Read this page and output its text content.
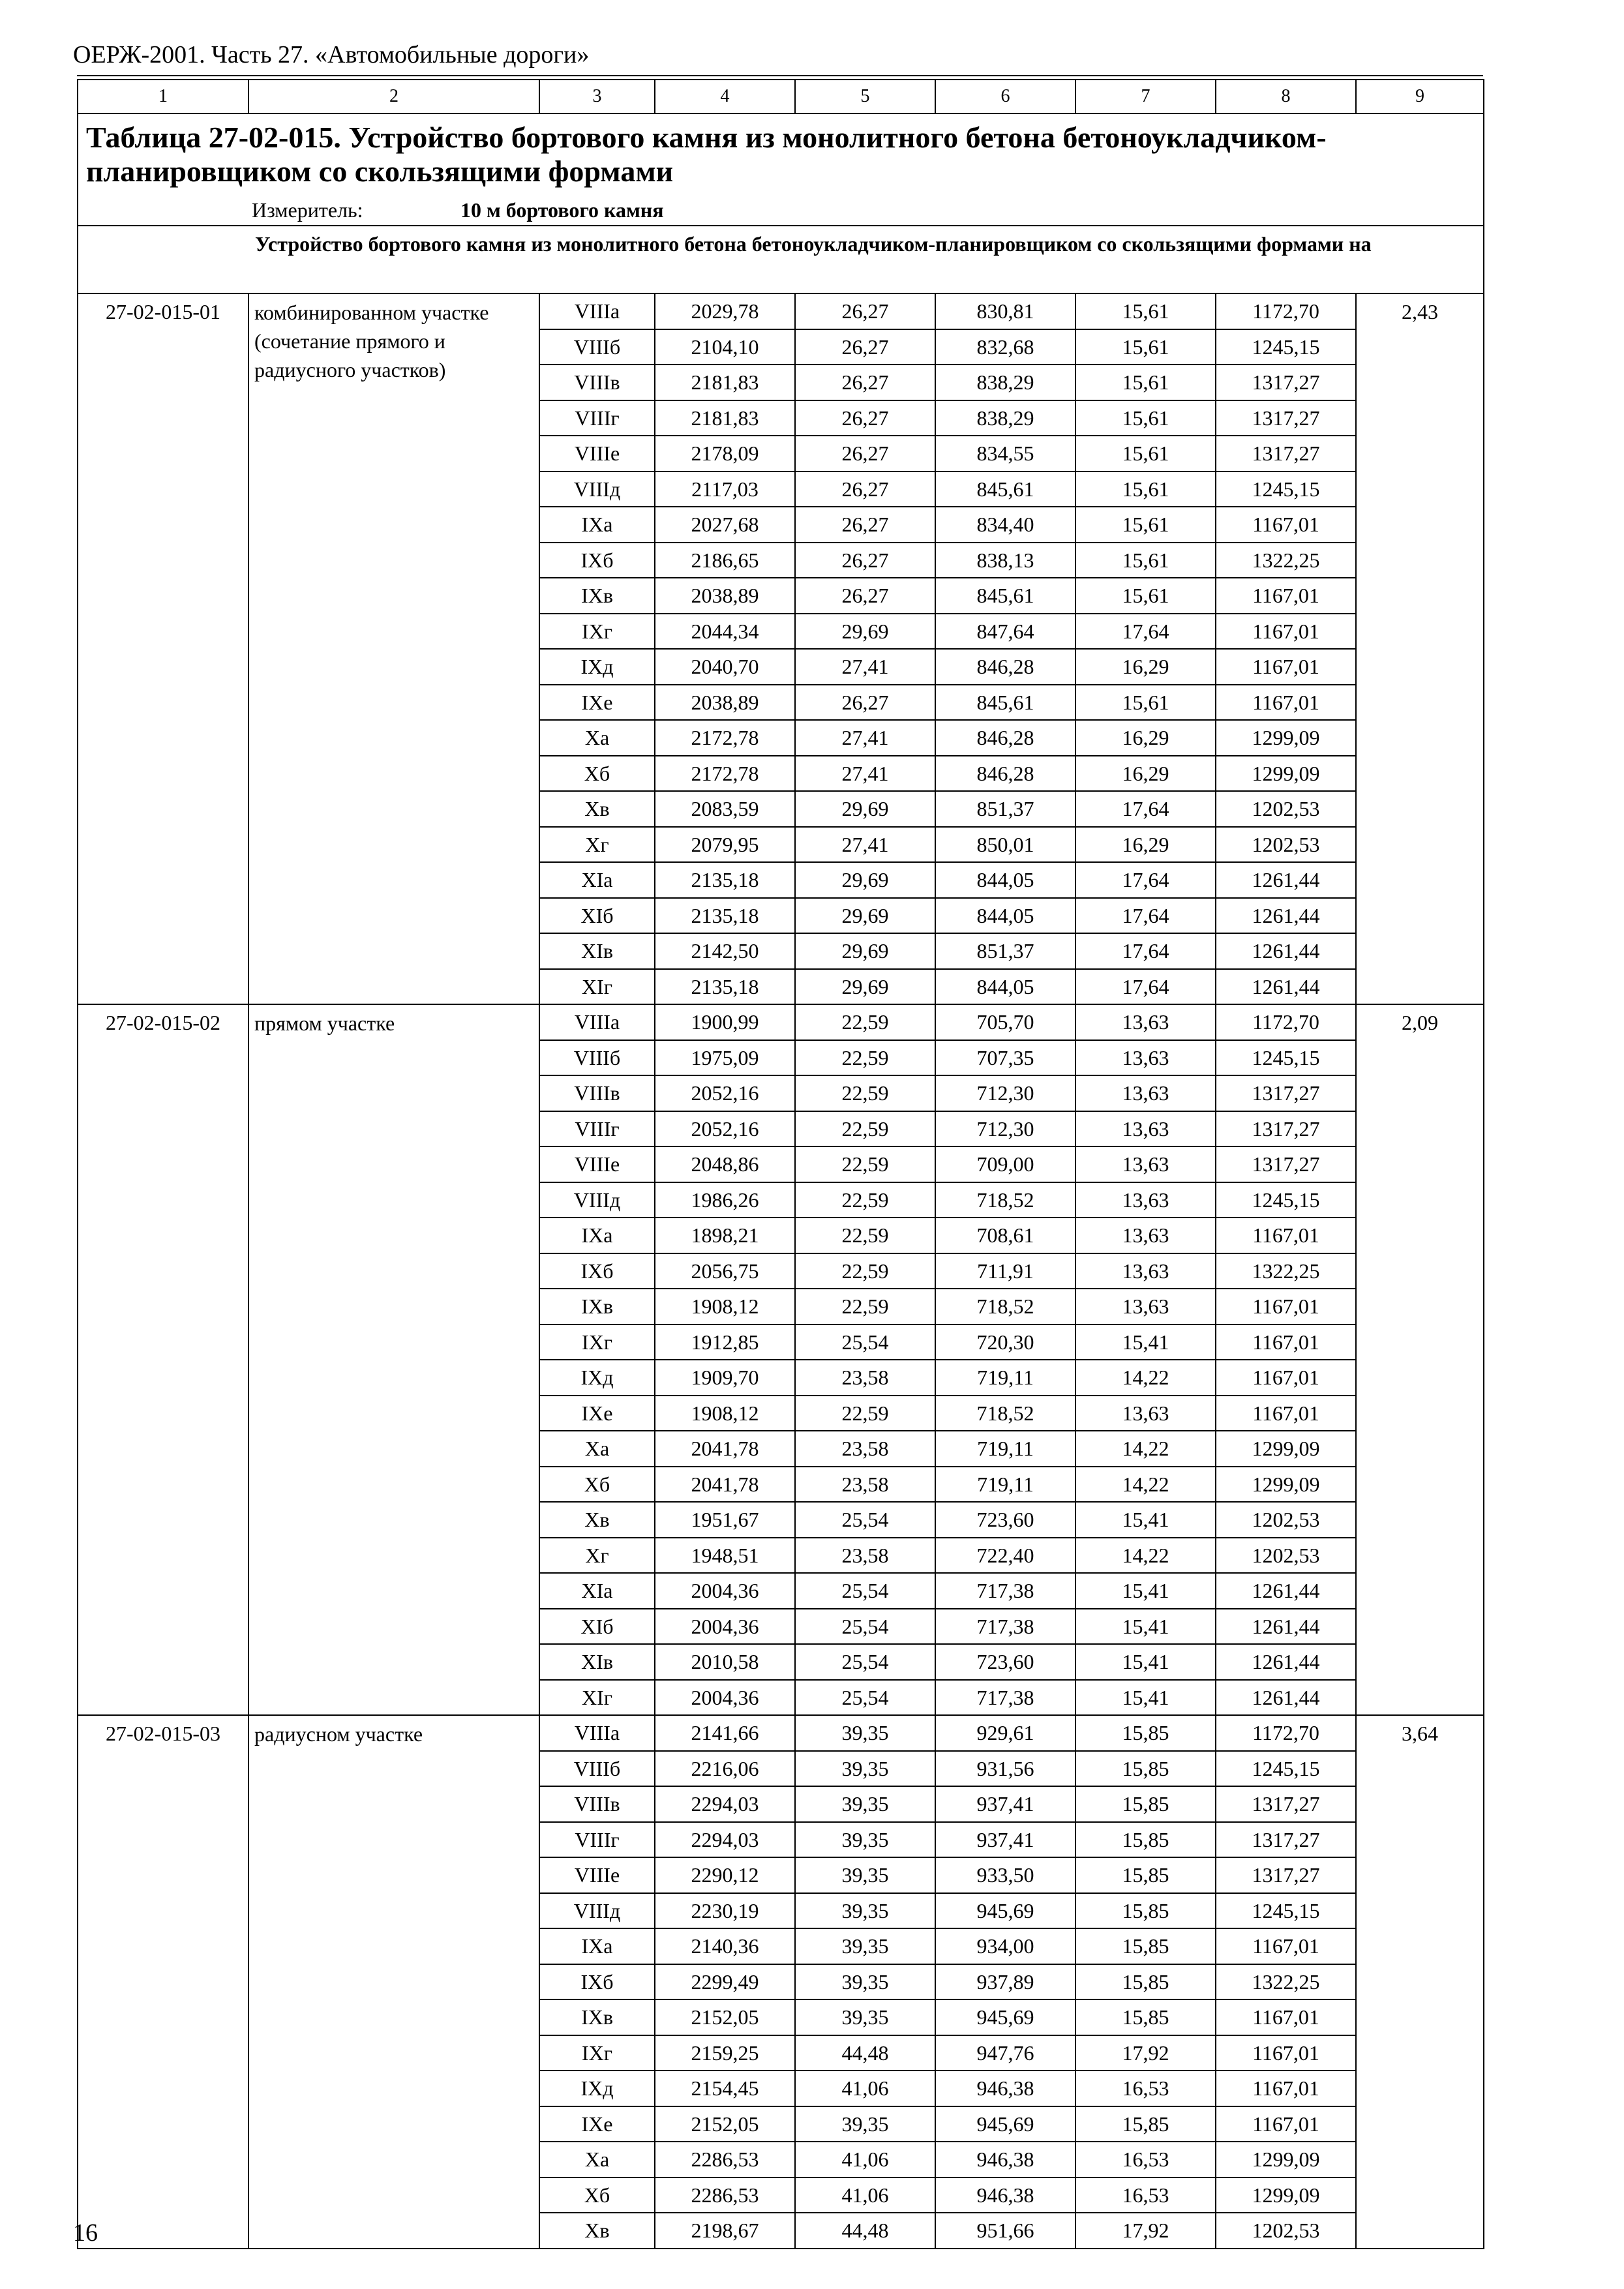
ОЕРЖ-2001. Часть 27. «Автомобильные дороги»
1	2	3	4	5	6	7	8	9
Таблица 27-02-015. Устройство бортового камня из монолитного бетона бетоноукладчиком-планировщиком со скользящими формами								

Измеритель: 10 м бортового камня								

	Устройство бортового камня из монолитного бетона бетоноукладчиком-планировщиком со скользящими формами на							
27-02-015-01	комбинированном участке (сочетание прямого и радиусного участков)	VIIIа	2029,78	26,27	830,81	15,61	1172,70	2,43
		VIIIб	2104,10	26,27	832,68	15,61	1245,15	
		VIIIв	2181,83	26,27	838,29	15,61	1317,27	
		VIIIг	2181,83	26,27	838,29	15,61	1317,27	
		VIIIе	2178,09	26,27	834,55	15,61	1317,27	
		VIIIд	2117,03	26,27	845,61	15,61	1245,15	
		IXа	2027,68	26,27	834,40	15,61	1167,01	
		IXб	2186,65	26,27	838,13	15,61	1322,25	
		IXв	2038,89	26,27	845,61	15,61	1167,01	
		IXг	2044,34	29,69	847,64	17,64	1167,01	
		IXд	2040,70	27,41	846,28	16,29	1167,01	
		IXе	2038,89	26,27	845,61	15,61	1167,01	
		Xа	2172,78	27,41	846,28	16,29	1299,09	
		Xб	2172,78	27,41	846,28	16,29	1299,09	
		Xв	2083,59	29,69	851,37	17,64	1202,53	
		Xг	2079,95	27,41	850,01	16,29	1202,53	
		XIа	2135,18	29,69	844,05	17,64	1261,44	
		XIб	2135,18	29,69	844,05	17,64	1261,44	
		XIв	2142,50	29,69	851,37	17,64	1261,44	
		XIг	2135,18	29,69	844,05	17,64	1261,44	
27-02-015-02	прямом участке	VIIIа	1900,99	22,59	705,70	13,63	1172,70	2,09
		VIIIб	1975,09	22,59	707,35	13,63	1245,15	
		VIIIв	2052,16	22,59	712,30	13,63	1317,27	
		VIIIг	2052,16	22,59	712,30	13,63	1317,27	
		VIIIе	2048,86	22,59	709,00	13,63	1317,27	
		VIIIд	1986,26	22,59	718,52	13,63	1245,15	
		IXа	1898,21	22,59	708,61	13,63	1167,01	
		IXб	2056,75	22,59	711,91	13,63	1322,25	
		IXв	1908,12	22,59	718,52	13,63	1167,01	
		IXг	1912,85	25,54	720,30	15,41	1167,01	
		IXд	1909,70	23,58	719,11	14,22	1167,01	
		IXе	1908,12	22,59	718,52	13,63	1167,01	
		Xа	2041,78	23,58	719,11	14,22	1299,09	
		Xб	2041,78	23,58	719,11	14,22	1299,09	
		Xв	1951,67	25,54	723,60	15,41	1202,53	
		Xг	1948,51	23,58	722,40	14,22	1202,53	
		XIа	2004,36	25,54	717,38	15,41	1261,44	
		XIб	2004,36	25,54	717,38	15,41	1261,44	
		XIв	2010,58	25,54	723,60	15,41	1261,44	
		XIг	2004,36	25,54	717,38	15,41	1261,44	
27-02-015-03	радиусном участке	VIIIа	2141,66	39,35	929,61	15,85	1172,70	3,64
		VIIIб	2216,06	39,35	931,56	15,85	1245,15	
		VIIIв	2294,03	39,35	937,41	15,85	1317,27	
		VIIIг	2294,03	39,35	937,41	15,85	1317,27	
		VIIIе	2290,12	39,35	933,50	15,85	1317,27	
		VIIIд	2230,19	39,35	945,69	15,85	1245,15	
		IXа	2140,36	39,35	934,00	15,85	1167,01	
		IXб	2299,49	39,35	937,89	15,85	1322,25	
		IXв	2152,05	39,35	945,69	15,85	1167,01	
		IXг	2159,25	44,48	947,76	17,92	1167,01	
		IXд	2154,45	41,06	946,38	16,53	1167,01	
		IXе	2152,05	39,35	945,69	15,85	1167,01	
		Xа	2286,53	41,06	946,38	16,53	1299,09	
		Xб	2286,53	41,06	946,38	16,53	1299,09	
		Xв	2198,67	44,48	951,66	17,92	1202,53	
16
